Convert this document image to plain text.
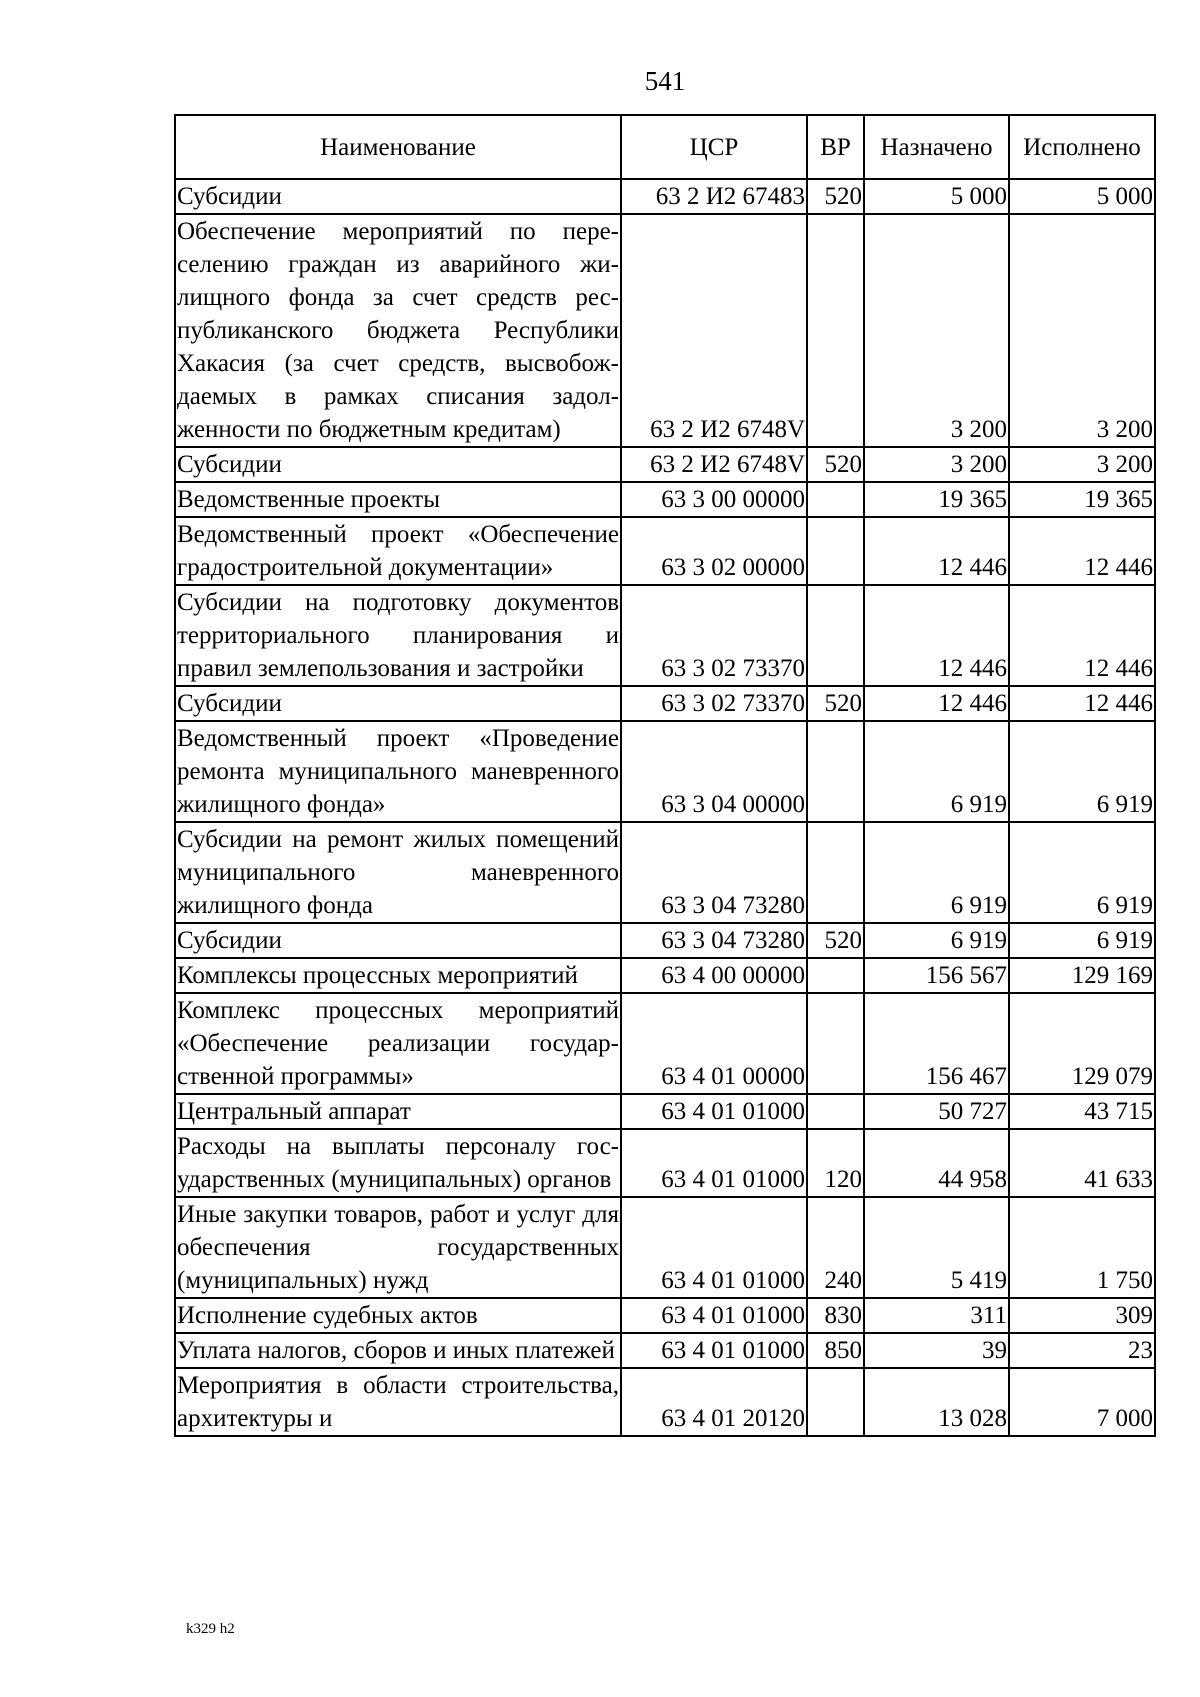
541
Наименование	ЦСР	ВР	Назначено	Исполнено
Субсидии	63 2 И2 67483	520	5 000	5 000
Обеспечение мероприятий по переселению граждан из аварийного жилищного фонда за счет средств республиканского бюджета Республики Хакасия (за счет средств, высвобождаемых в рамках списания задолженности по бюджетным кредитам)	63 2 И2 6748V		3 200	3 200
Субсидии	63 2 И2 6748V	520	3 200	3 200
Ведомственные проекты	63 3 00 00000		19 365	19 365
Ведомственный проект «Обеспечение градостроительной документации»	63 3 02 00000		12 446	12 446
Субсидии на подготовку документов территориального планирования и правил землепользования и застройки	63 3 02 73370		12 446	12 446
Субсидии	63 3 02 73370	520	12 446	12 446
Ведомственный проект «Проведение ремонта муниципального маневренного жилищного фонда»	63 3 04 00000		6 919	6 919
Субсидии на ремонт жилых помещений муниципального маневренного жилищного фонда	63 3 04 73280		6 919	6 919
Субсидии	63 3 04 73280	520	6 919	6 919
Комплексы процессных мероприятий	63 4 00 00000		156 567	129 169
Комплекс процессных мероприятий «Обеспечение реализации государственной программы»	63 4 01 00000		156 467	129 079
Центральный аппарат	63 4 01 01000		50 727	43 715
Расходы на выплаты персоналу государственных (муниципальных) органов	63 4 01 01000	120	44 958	41 633
Иные закупки товаров, работ и услуг для обеспечения государственных (муниципальных) нужд	63 4 01 01000	240	5 419	1 750
Исполнение судебных актов	63 4 01 01000	830	311	309
Уплата налогов, сборов и иных платежей	63 4 01 01000	850	39	23
Мероприятия в области строительства, архитектуры и	63 4 01 20120		13 028	7 000
k329 h2
